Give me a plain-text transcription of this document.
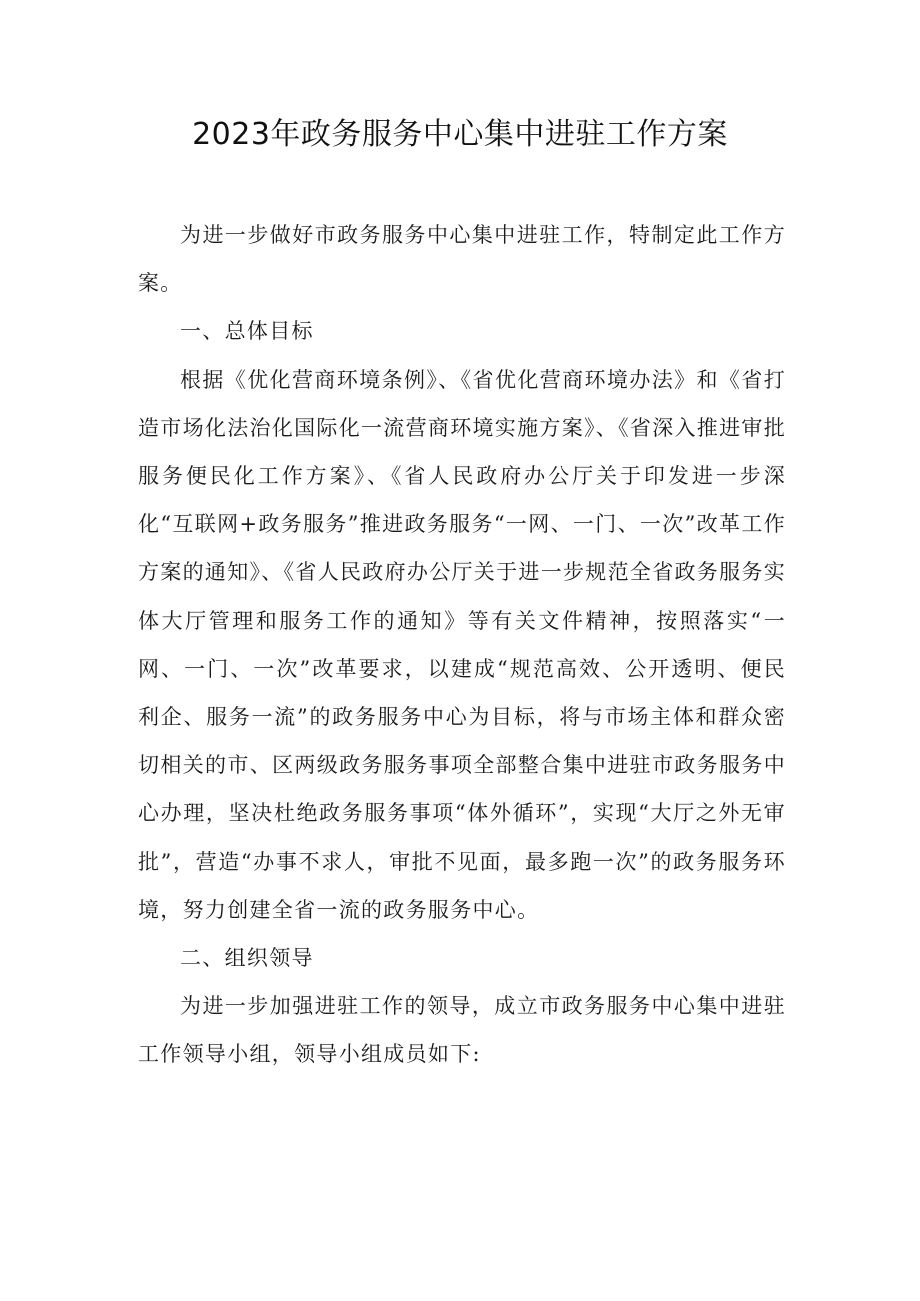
2023年政务服务中心集中进驻工作方案

为进一步做好市政务服务中心集中进驻工作，特制定此工作方案。

一、总体目标

根据《优化营商环境条例》、《省优化营商环境办法》和《省打造市场化法治化国际化一流营商环境实施方案》、《省深入推进审批服务便民化工作方案》、《省人民政府办公厅关于印发进一步深化“互联网+政务服务”推进政务服务“一网、一门、一次”改革工作方案的通知》、《省人民政府办公厅关于进一步规范全省政务服务实体大厅管理和服务工作的通知》等有关文件精神，按照落实“一网、一门、一次”改革要求，以建成“规范高效、公开透明、便民利企、服务一流”的政务服务中心为目标，将与市场主体和群众密切相关的市、区两级政务服务事项全部整合集中进驻市政务服务中心办理，坚决杜绝政务服务事项“体外循环”，实现“大厅之外无审批”，营造“办事不求人，审批不见面，最多跑一次”的政务服务环境，努力创建全省一流的政务服务中心。

二、组织领导

为进一步加强进驻工作的领导，成立市政务服务中心集中进驻工作领导小组，领导小组成员如下:
